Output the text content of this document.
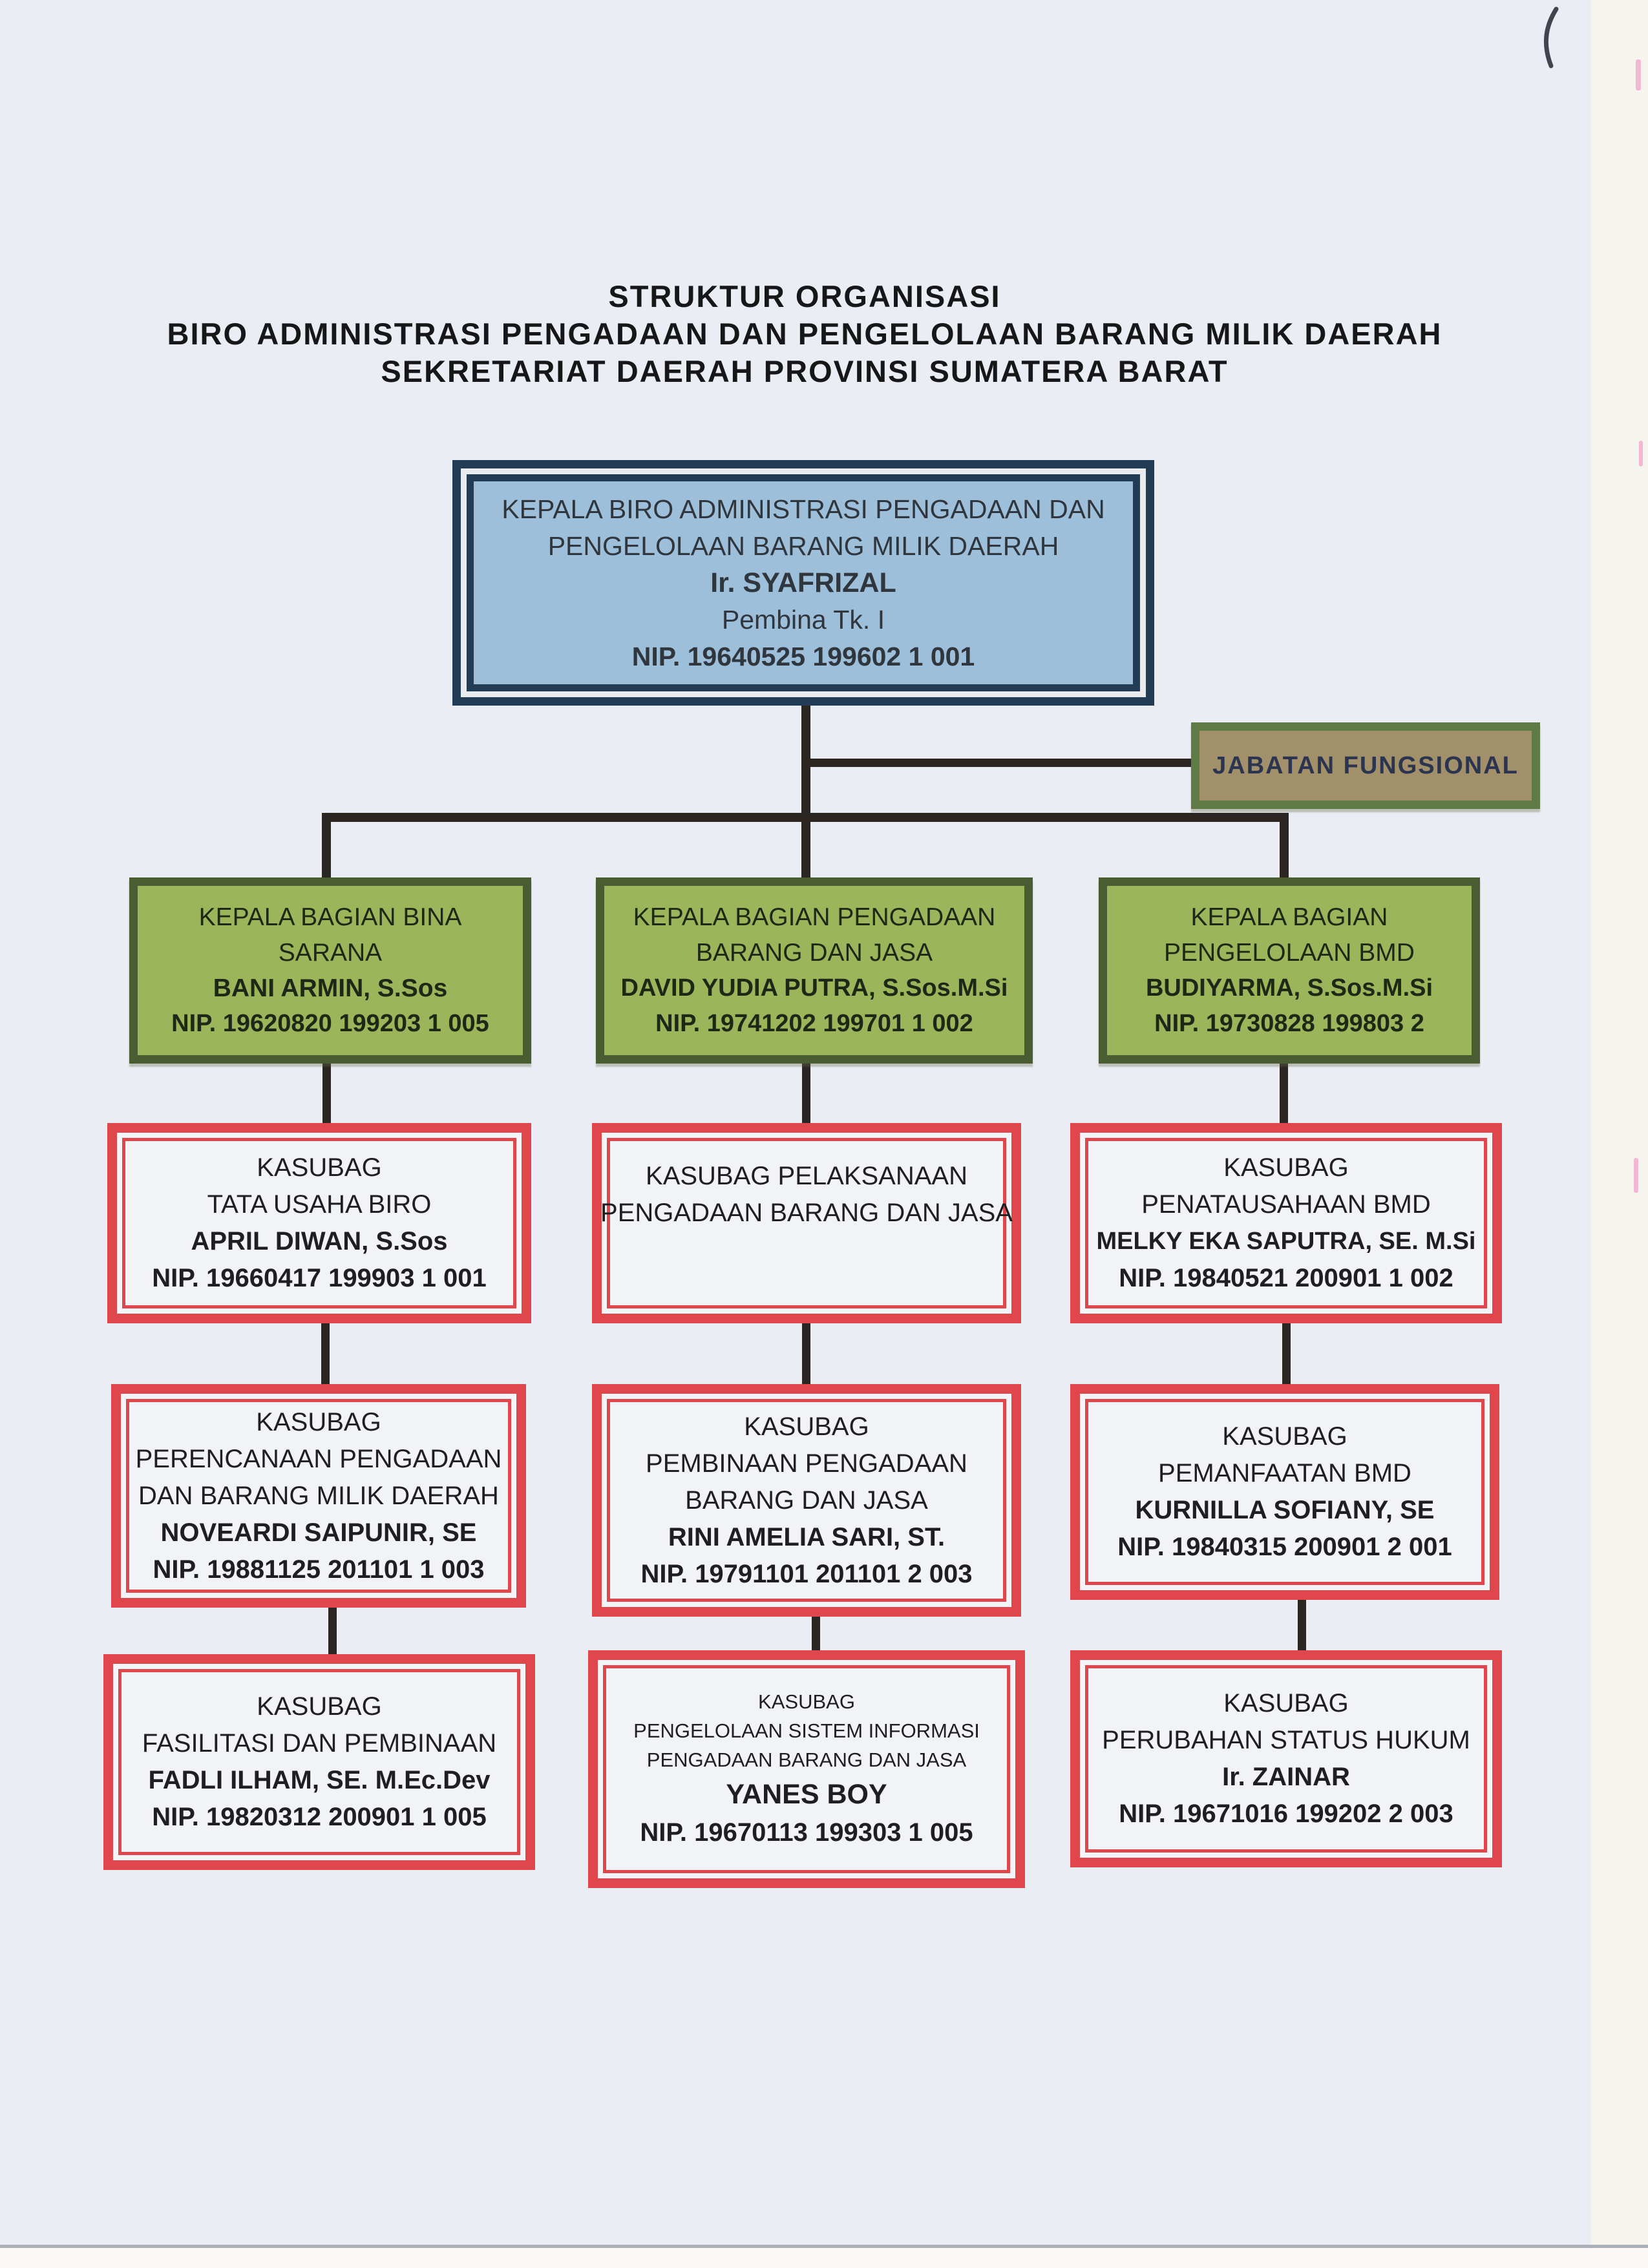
STRUKTUR ORGANISASI
BIRO ADMINISTRASI PENGADAAN DAN PENGELOLAAN BARANG MILIK DAERAH
SEKRETARIAT DAERAH PROVINSI SUMATERA BARAT
KEPALA BIRO ADMINISTRASI PENGADAAN DAN
PENGELOLAAN BARANG MILIK DAERAH
Ir. SYAFRIZAL
Pembina Tk. I
NIP. 19640525 199602 1 001
JABATAN FUNGSIONAL
KEPALA BAGIAN BINA
SARANA
BANI ARMIN, S.Sos
NIP. 19620820 199203 1 005
KEPALA BAGIAN PENGADAAN
BARANG DAN JASA
DAVID YUDIA PUTRA, S.Sos.M.Si
NIP. 19741202 199701 1 002
KEPALA BAGIAN
PENGELOLAAN BMD
BUDIYARMA, S.Sos.M.Si
NIP. 19730828 199803 2
KASUBAG
TATA USAHA BIRO
APRIL DIWAN, S.Sos
NIP. 19660417 199903 1 001
KASUBAG PELAKSANAAN
PENGADAAN BARANG DAN JASA
KASUBAG
PENATAUSAHAAN BMD
MELKY EKA SAPUTRA, SE. M.Si
NIP. 19840521 200901 1 002
KASUBAG
PERENCANAAN PENGADAAN
DAN BARANG MILIK DAERAH
NOVEARDI SAIPUNIR, SE
NIP. 19881125 201101 1 003
KASUBAG
PEMBINAAN PENGADAAN
BARANG DAN JASA
RINI AMELIA SARI, ST.
NIP. 19791101 201101 2 003
KASUBAG
PEMANFAATAN BMD
KURNILLA SOFIANY, SE
NIP. 19840315 200901 2 001
KASUBAG
FASILITASI DAN PEMBINAAN
FADLI ILHAM, SE. M.Ec.Dev
NIP. 19820312 200901 1 005
KASUBAG
PENGELOLAAN SISTEM INFORMASI
PENGADAAN BARANG DAN JASA
YANES BOY
NIP. 19670113 199303 1 005
KASUBAG
PERUBAHAN STATUS HUKUM
Ir. ZAINAR
NIP. 19671016 199202 2 003
